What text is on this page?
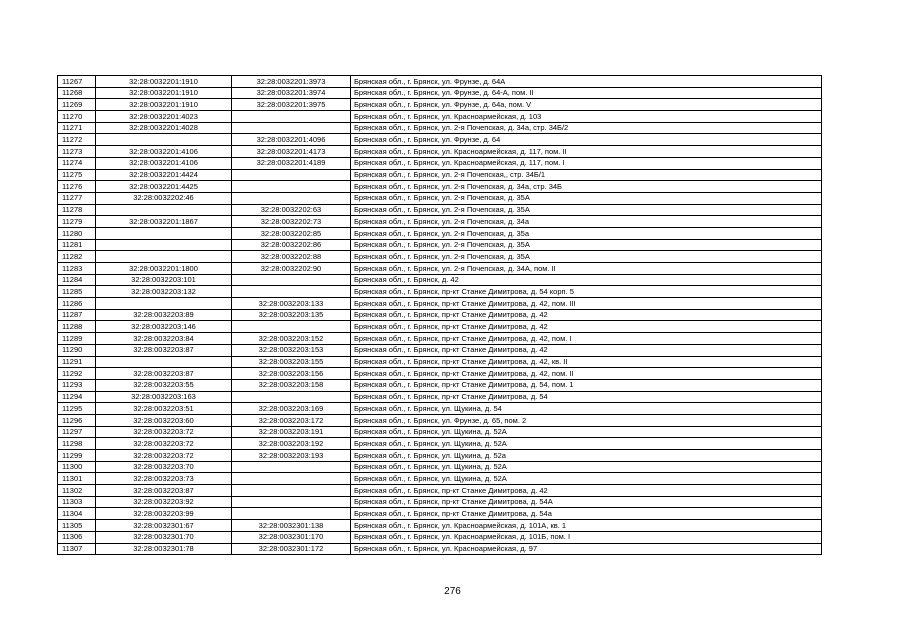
11267	32:28:0032201:1910	32:28:0032201:3973	Брянская обл., г. Брянск, ул. Фрунзе, д. 64А
11268	32:28:0032201:1910	32:28:0032201:3974	Брянская обл., г. Брянск, ул. Фрунзе, д. 64-А, пом. II
11269	32:28:0032201:1910	32:28:0032201:3975	Брянская обл., г. Брянск, ул. Фрунзе, д. 64а, пом. V
11270	32:28:0032201:4023		Брянская обл., г. Брянск, ул. Красноармейская, д. 103
11271	32:28:0032201:4028		Брянская обл., г. Брянск, ул. 2-я Почепская, д. 34а, стр. 34Б/2
11272		32:28:0032201:4096	Брянская обл., г. Брянск, ул. Фрунзе, д. 64
11273	32:28:0032201:4106	32:28:0032201:4173	Брянская обл., г. Брянск, ул. Красноармейская, д. 117, пом. II
11274	32:28:0032201:4106	32:28:0032201:4189	Брянская обл., г. Брянск, ул. Красноармейская, д. 117, пом. I
11275	32:28:0032201:4424		Брянская обл., г. Брянск, ул. 2-я Почепская,, стр. 34Б/1
11276	32:28:0032201:4425		Брянская обл., г. Брянск, ул. 2-я Почепская, д. 34а, стр. 34Б
11277	32:28:0032202:46		Брянская обл., г. Брянск, ул. 2-я Почепская, д. 35А
11278		32:28:0032202:63	Брянская обл., г. Брянск, ул. 2-я Почепская, д. 35А
11279	32:28:0032201:1867	32:28:0032202:73	Брянская обл., г. Брянск, ул. 2-я Почепская, д. 34а
11280		32:28:0032202:85	Брянская обл., г. Брянск, ул. 2-я Почепская, д. 35а
11281		32:28:0032202:86	Брянская обл., г. Брянск, ул. 2-я Почепская, д. 35А
11282		32:28:0032202:88	Брянская обл., г. Брянск, ул. 2-я Почепская, д. 35А
11283	32:28:0032201:1800	32:28:0032202:90	Брянская обл., г. Брянск, ул. 2-я Почепская, д. 34А, пом. II
11284	32:28:0032203:101		Брянская обл., г. Брянск, д. 42
11285	32:28:0032203:132		Брянская обл., г. Брянск, пр-кт Станке Димитрова, д. 54 корп. 5
11286		32:28:0032203:133	Брянская обл., г. Брянск, пр-кт Станке Димитрова, д. 42, пом. III
11287	32:28:0032203:89	32:28:0032203:135	Брянская обл., г. Брянск, пр-кт Станке Димитрова, д. 42
11288	32:28:0032203:146		Брянская обл., г. Брянск, пр-кт Станке Димитрова, д. 42
11289	32:28:0032203:84	32:28:0032203:152	Брянская обл., г. Брянск, пр-кт Станке Димитрова, д. 42, пом. I
11290	32:28:0032203:87	32:28:0032203:153	Брянская обл., г. Брянск, пр-кт Станке Димитрова, д. 42
11291		32:28:0032203:155	Брянская обл., г. Брянск, пр-кт Станке Димитрова, д. 42, кв. II
11292	32:28:0032203:87	32:28:0032203:156	Брянская обл., г. Брянск, пр-кт Станке Димитрова, д. 42, пом. II
11293	32:28:0032203:55	32:28:0032203:158	Брянская обл., г. Брянск, пр-кт Станке Димитрова, д. 54, пом. 1
11294	32:28:0032203:163		Брянская обл., г. Брянск, пр-кт Станке Димитрова, д. 54
11295	32:28:0032203:51	32:28:0032203:169	Брянская обл., г. Брянск, ул. Щукина, д. 54
11296	32:28:0032203:60	32:28:0032203:172	Брянская обл., г. Брянск, ул. Фрунзе, д. 65, пом. 2
11297	32:28:0032203:72	32:28:0032203:191	Брянская обл., г. Брянск, ул. Щукина, д. 52А
11298	32:28:0032203:72	32:28:0032203:192	Брянская обл., г. Брянск, ул. Щукина, д. 52А
11299	32:28:0032203:72	32:28:0032203:193	Брянская обл., г. Брянск, ул. Щукина, д. 52а
11300	32:28:0032203:70		Брянская обл., г. Брянск, ул. Щукина, д. 52А
11301	32:28:0032203:73		Брянская обл., г. Брянск, ул. Щукина, д. 52А
11302	32:28:0032203:87		Брянская обл., г. Брянск, пр-кт Станке Димитрова, д. 42
11303	32:28:0032203:92		Брянская обл., г. Брянск, пр-кт Станке Димитрова, д. 54А
11304	32:28:0032203:99		Брянская обл., г. Брянск, пр-кт Станке Димитрова, д. 54а
11305	32:28:0032301:67	32:28:0032301:138	Брянская обл., г. Брянск, ул. Красноармейская, д. 101А, кв. 1
11306	32:28:0032301:70	32:28:0032301:170	Брянская обл., г. Брянск, ул. Красноармейская, д. 101Б, пом. I
11307	32:28:0032301:78	32:28:0032301:172	Брянская обл., г. Брянск, ул. Красноармейская, д. 97
276
